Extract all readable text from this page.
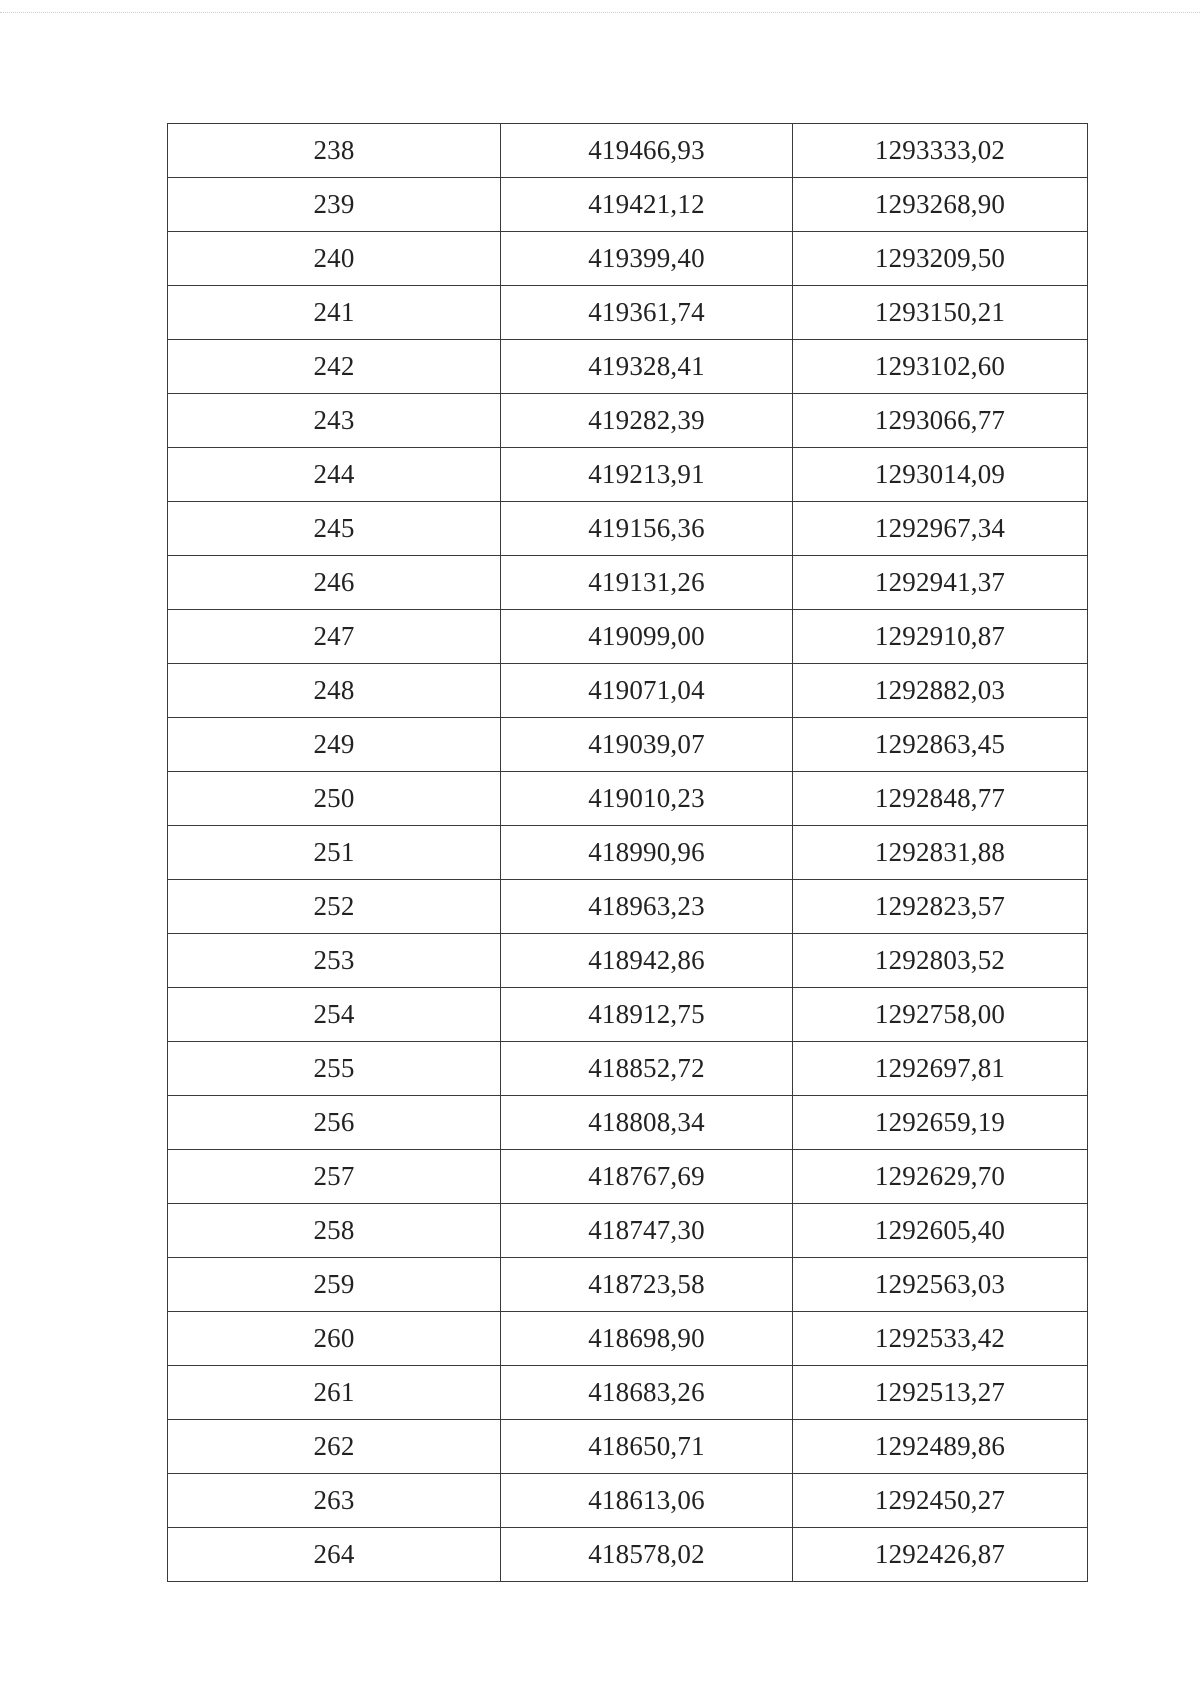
238	419466,93	1293333,02
239	419421,12	1293268,90
240	419399,40	1293209,50
241	419361,74	1293150,21
242	419328,41	1293102,60
243	419282,39	1293066,77
244	419213,91	1293014,09
245	419156,36	1292967,34
246	419131,26	1292941,37
247	419099,00	1292910,87
248	419071,04	1292882,03
249	419039,07	1292863,45
250	419010,23	1292848,77
251	418990,96	1292831,88
252	418963,23	1292823,57
253	418942,86	1292803,52
254	418912,75	1292758,00
255	418852,72	1292697,81
256	418808,34	1292659,19
257	418767,69	1292629,70
258	418747,30	1292605,40
259	418723,58	1292563,03
260	418698,90	1292533,42
261	418683,26	1292513,27
262	418650,71	1292489,86
263	418613,06	1292450,27
264	418578,02	1292426,87
